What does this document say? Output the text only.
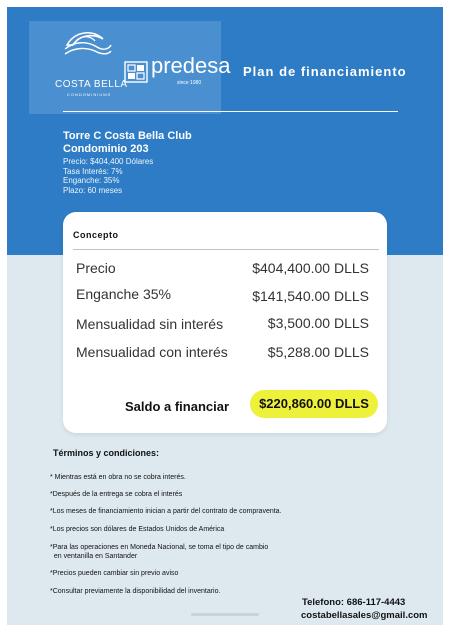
COSTA BELLA
CONDOMINIUMS
predesa
since 1980
Plan de financiamiento
Torre C Costa Bella Club
Condominio 203
Precio: $404,400 Dólares
Tasa Interés: 7%
Enganche: 35%
Plazo: 60 meses
Concepto
Precio	$404,400.00 DLLS
Enganche 35%	$141,540.00 DLLS
Mensualidad sin interés	$3,500.00 DLLS
Mensualidad con interés	$5,288.00 DLLS
Saldo a financiar	$220,860.00 DLLS
Términos y condiciones:
* Mientras está en obra no se cobra interés.
*Después de la entrega se cobra el interés
*Los meses de financiamiento inician a partir del contrato de compraventa.
*Los precios son dólares de Estados Unidos de América
*Para las operaciones en Moneda Nacional, se toma el tipo de cambio
en ventanilla en Santander
*Precios pueden cambiar sin previo aviso
*Consultar previamente la disponibilidad del inventario.
Telefono: 686-117-4443
costabellasales@gmail.com
